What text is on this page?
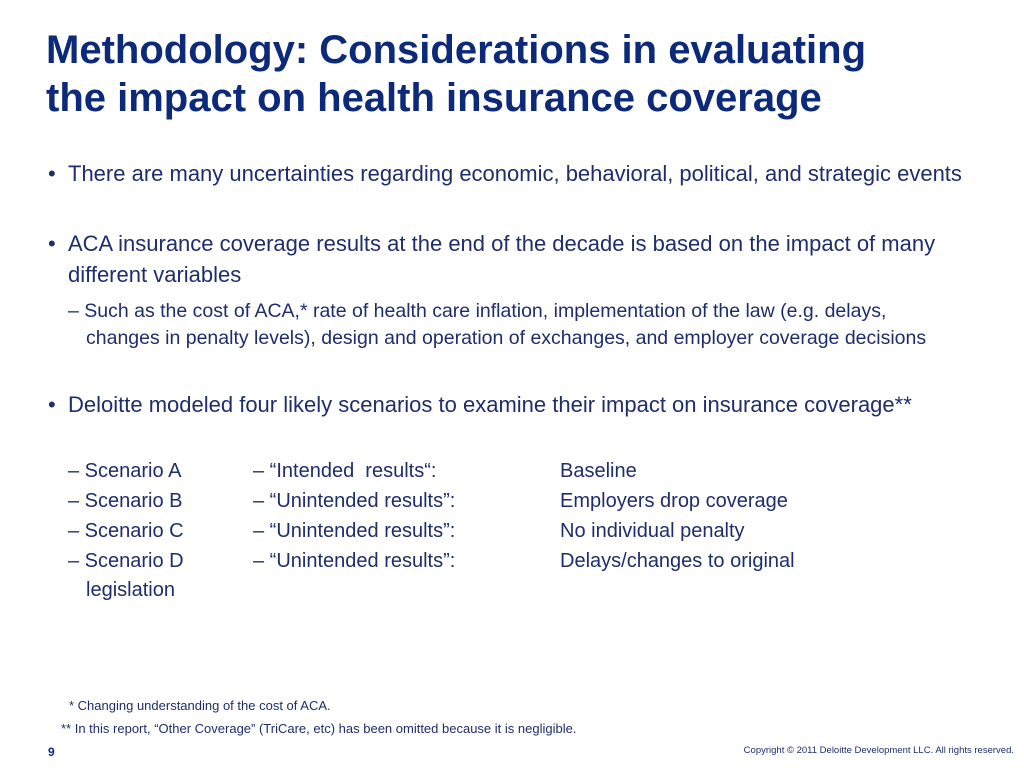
Methodology: Considerations in evaluating
the impact on health insurance coverage

• There are many uncertainties regarding economic, behavioral, political, and strategic events

• ACA insurance coverage results at the end of the decade is based on the impact of many different variables

– Such as the cost of ACA,* rate of health care inflation, implementation of the law (e.g. delays, changes in penalty levels), design and operation of exchanges, and employer coverage decisions

• Deloitte modeled four likely scenarios to examine their impact on insurance coverage**

– Scenario A	– “Intended  results“:	Baseline
– Scenario B	– “Unintended results”:	Employers drop coverage
– Scenario C	– “Unintended results”:	No individual penalty
– Scenario D	– “Unintended results”:	Delays/changes to original
legislation
* Changing understanding of the cost of ACA.
** In this report, “Other Coverage” (TriCare, etc) has been omitted because it is negligible.
9	Copyright © 2011 Deloitte Development LLC. All rights reserved.
